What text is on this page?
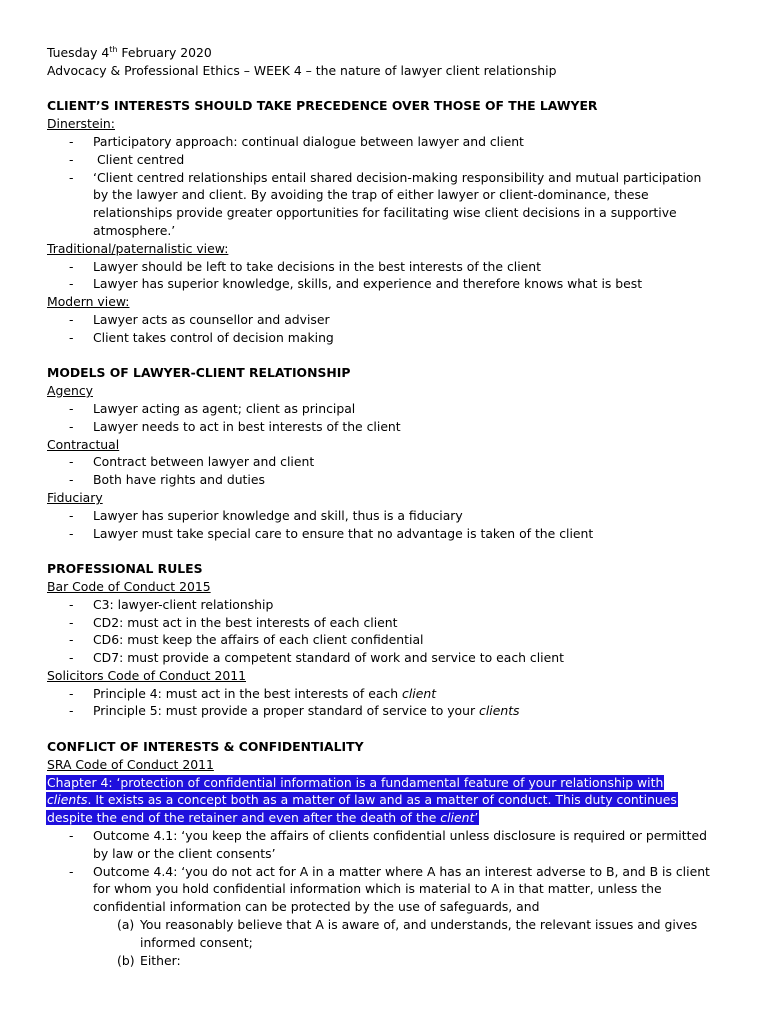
Tuesday 4th February 2020
Advocacy & Professional Ethics – WEEK 4 – the nature of lawyer client relationship
CLIENT’S INTERESTS SHOULD TAKE PRECEDENCE OVER THOSE OF THE LAWYER
Dinerstein:
- Participatory approach: continual dialogue between lawyer and client
- Client centred
- ‘Client centred relationships entail shared decision-making responsibility and mutual participation by the lawyer and client. By avoiding the trap of either lawyer or client-dominance, these relationships provide greater opportunities for facilitating wise client decisions in a supportive atmosphere.’
Traditional/paternalistic view:
- Lawyer should be left to take decisions in the best interests of the client
- Lawyer has superior knowledge, skills, and experience and therefore knows what is best
Modern view:
- Lawyer acts as counsellor and adviser
- Client takes control of decision making
MODELS OF LAWYER-CLIENT RELATIONSHIP
Agency
- Lawyer acting as agent; client as principal
- Lawyer needs to act in best interests of the client
Contractual
- Contract between lawyer and client
- Both have rights and duties
Fiduciary
- Lawyer has superior knowledge and skill, thus is a fiduciary
- Lawyer must take special care to ensure that no advantage is taken of the client
PROFESSIONAL RULES
Bar Code of Conduct 2015
- C3: lawyer-client relationship
- CD2: must act in the best interests of each client
- CD6: must keep the affairs of each client confidential
- CD7: must provide a competent standard of work and service to each client
Solicitors Code of Conduct 2011
- Principle 4: must act in the best interests of each client
- Principle 5: must provide a proper standard of service to your clients
CONFLICT OF INTERESTS & CONFIDENTIALITY
SRA Code of Conduct 2011
Chapter 4: ‘protection of confidential information is a fundamental feature of your relationship with
clients. It exists as a concept both as a matter of law and as a matter of conduct. This duty continues
despite the end of the retainer and even after the death of the client’
- Outcome 4.1: ‘you keep the affairs of clients confidential unless disclosure is required or permitted by law or the client consents’
- Outcome 4.4: ‘you do not act for A in a matter where A has an interest adverse to B, and B is client for whom you hold confidential information which is material to A in that matter, unless the confidential information can be protected by the use of safeguards, and
(a) You reasonably believe that A is aware of, and understands, the relevant issues and gives informed consent;
(b) Either:
